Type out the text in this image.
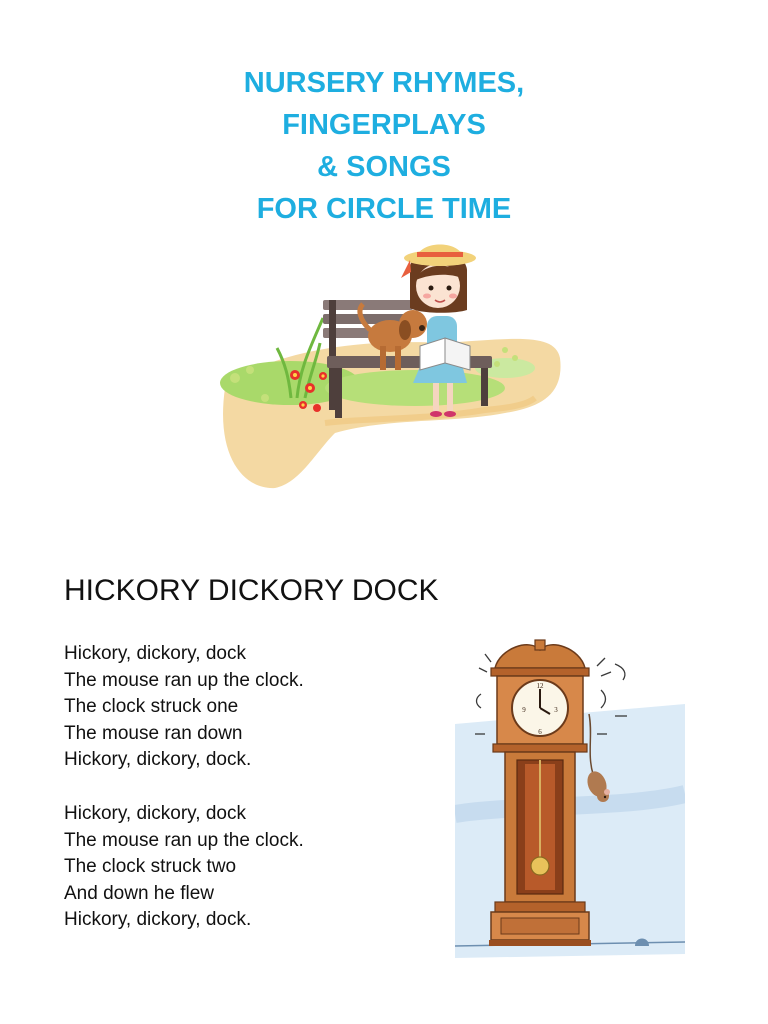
NURSERY RHYMES,
FINGERPLAYS
& SONGS
FOR CIRCLE TIME
HICKORY DICKORY DOCK
Hickory, dickory, dock
The mouse ran up the clock.
The clock struck one
The mouse ran down
Hickory, dickory, dock.
Hickory, dickory, dock
The mouse ran up the clock.
The clock struck two
And down he flew
Hickory, dickory, dock.
12
3
6
9
